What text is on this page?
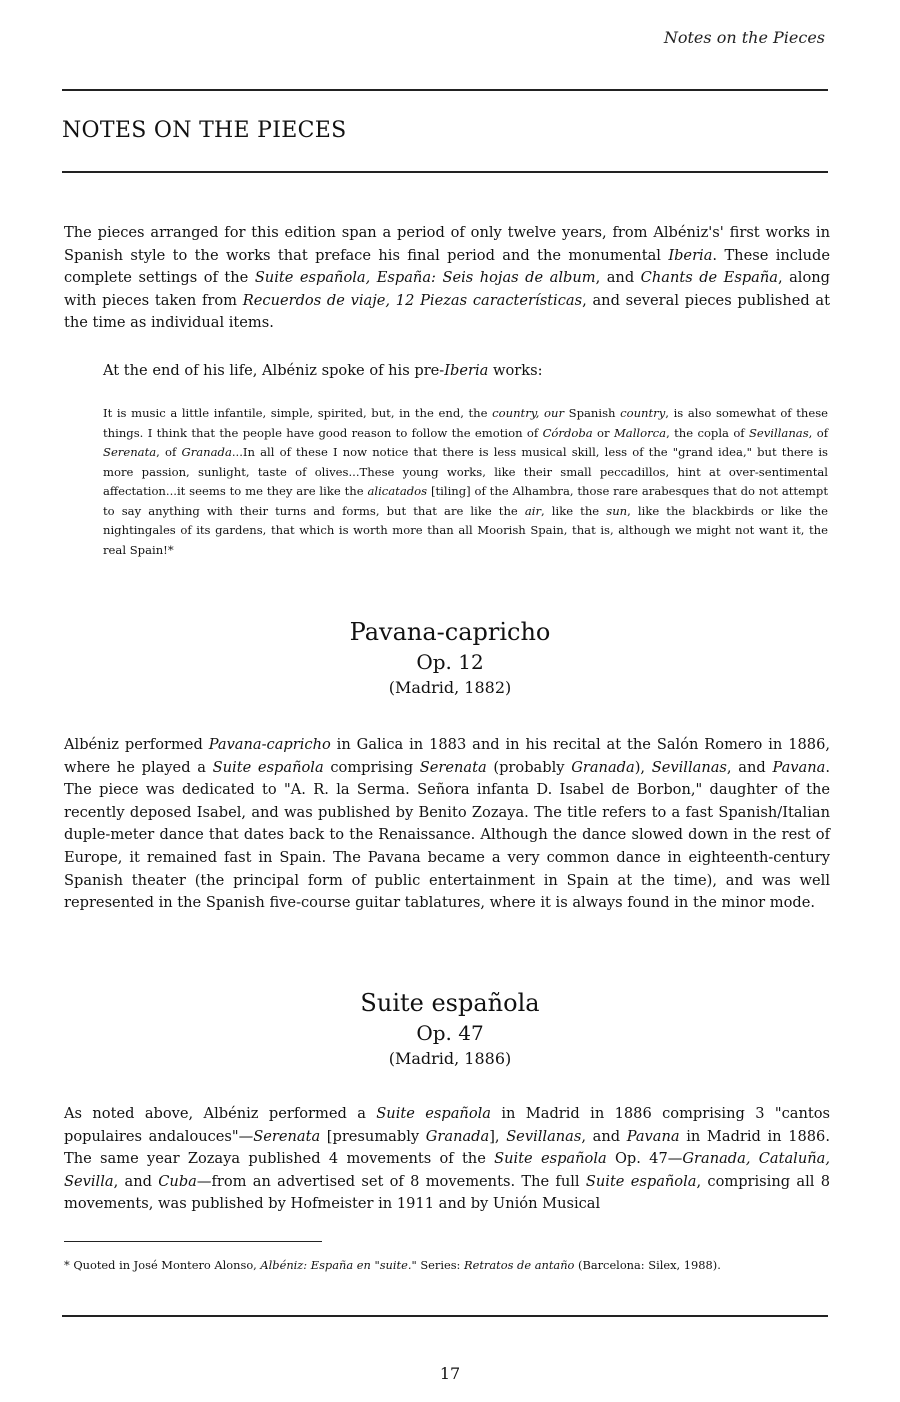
Notes on the Pieces
NOTES ON THE PIECES
The pieces arranged for this edition span a period of only twelve years, from Albéniz's' first works in Spanish style to the works that preface his final period and the monumental Iberia. These include complete settings of the Suite española, España: Seis hojas de album, and Chants de España, along with pieces taken from Recuerdos de viaje, 12 Piezas características, and several pieces published at the time as individual items.
At the end of his life, Albéniz spoke of his pre-Iberia works:
It is music a little infantile, simple, spirited, but, in the end, the country, our Spanish country, is also somewhat of these things. I think that the people have good reason to follow the emotion of Córdoba or Mallorca, the copla of Sevillanas, of Serenata, of Granada...In all of these I now notice that there is less musical skill, less of the "grand idea," but there is more passion, sunlight, taste of olives...These young works, like their small peccadillos, hint at over-sentimental affectation...it seems to me they are like the alicatados [tiling] of the Alhambra, those rare arabesques that do not attempt to say anything with their turns and forms, but that are like the air, like the sun, like the blackbirds or like the nightingales of its gardens, that which is worth more than all Moorish Spain, that is, although we might not want it, the real Spain!*
Pavana-capricho
Op. 12
(Madrid, 1882)
Albéniz performed Pavana-capricho in Galica in 1883 and in his recital at the Salón Romero in 1886, where he played a Suite española comprising Serenata (probably Granada), Sevillanas, and Pavana. The piece was dedicated to "A. R. la Serma. Señora infanta D. Isabel de Borbon," daughter of the recently deposed Isabel, and was published by Benito Zozaya. The title refers to a fast Spanish/Italian duple-meter dance that dates back to the Renaissance. Although the dance slowed down in the rest of Europe, it remained fast in Spain. The Pavana became a very common dance in eighteenth-century Spanish theater (the principal form of public entertainment in Spain at the time), and was well represented in the Spanish five-course guitar tablatures, where it is always found in the minor mode.
Suite española
Op. 47
(Madrid, 1886)
As noted above, Albéniz performed a Suite española in Madrid in 1886 comprising 3 "cantos populaires andalouces"—Serenata [presumably Granada], Sevillanas, and Pavana in Madrid in 1886. The same year Zozaya published 4 movements of the Suite española Op. 47—Granada, Cataluña, Sevilla, and Cuba—from an advertised set of 8 movements. The full Suite española, comprising all 8 movements, was published by Hofmeister in 1911 and by Unión Musical
* Quoted in José Montero Alonso, Albéniz: España en "suite." Series: Retratos de antaño (Barcelona: Silex, 1988).
17
